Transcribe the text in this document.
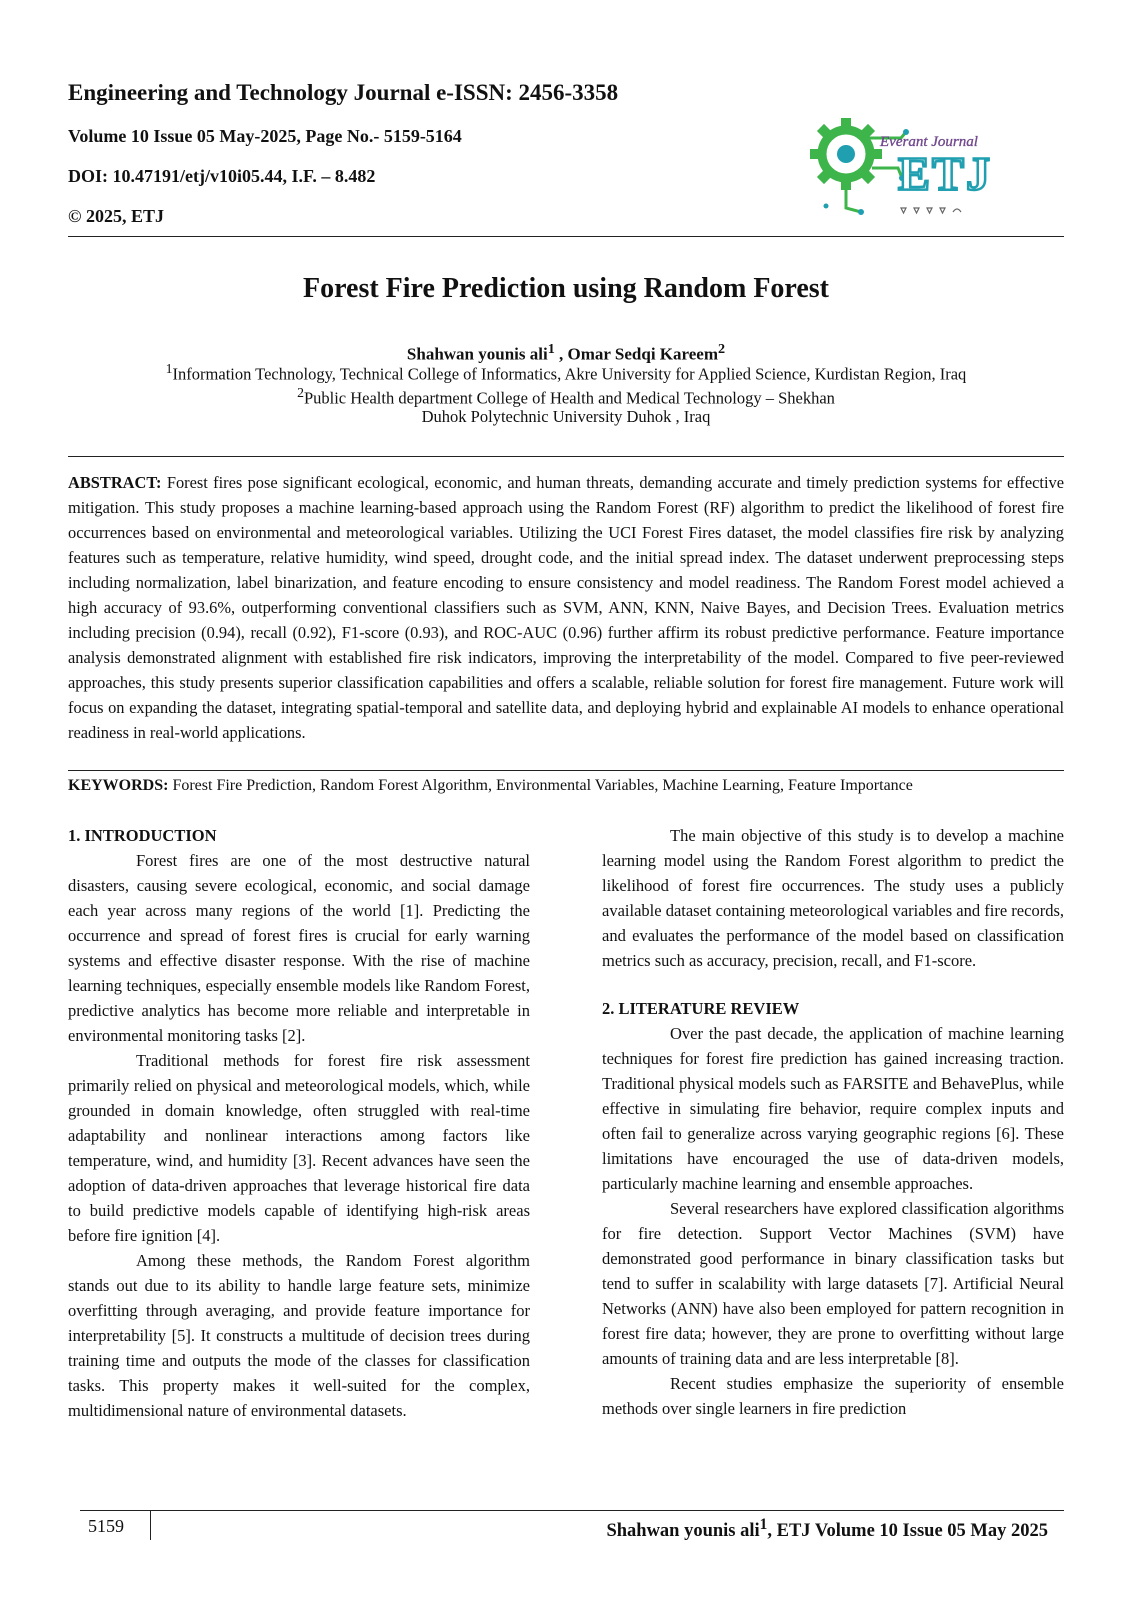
Engineering and Technology Journal e-ISSN: 2456-3358
Volume 10 Issue 05 May-2025, Page No.- 5159-5164
DOI: 10.47191/etj/v10i05.44, I.F. – 8.482
© 2025, ETJ
Everant Journal
ETJ
Forest Fire Prediction using Random Forest
Shahwan younis ali$^1$ , Omar Sedqi Kareem$^2$
$^1$Information Technology, Technical College of Informatics, Akre University for Applied Science, Kurdistan Region, Iraq
$^2$Public Health department College of Health and Medical Technology – Shekhan
Duhok Polytechnic University Duhok , Iraq
ABSTRACT: Forest fires pose significant ecological, economic, and human threats, demanding accurate and timely prediction systems for effective mitigation. This study proposes a machine learning-based approach using the Random Forest (RF) algorithm to predict the likelihood of forest fire occurrences based on environmental and meteorological variables. Utilizing the UCI Forest Fires dataset, the model classifies fire risk by analyzing features such as temperature, relative humidity, wind speed, drought code, and the initial spread index. The dataset underwent preprocessing steps including normalization, label binarization, and feature encoding to ensure consistency and model readiness. The Random Forest model achieved a high accuracy of 93.6%, outperforming conventional classifiers such as SVM, ANN, KNN, Naive Bayes, and Decision Trees. Evaluation metrics including precision (0.94), recall (0.92), F1-score (0.93), and ROC-AUC (0.96) further affirm its robust predictive performance. Feature importance analysis demonstrated alignment with established fire risk indicators, improving the interpretability of the model. Compared to five peer-reviewed approaches, this study presents superior classification capabilities and offers a scalable, reliable solution for forest fire management. Future work will focus on expanding the dataset, integrating spatial-temporal and satellite data, and deploying hybrid and explainable AI models to enhance operational readiness in real-world applications.
KEYWORDS: Forest Fire Prediction, Random Forest Algorithm, Environmental Variables, Machine Learning, Feature Importance
1. INTRODUCTION

Forest fires are one of the most destructive natural disasters, causing severe ecological, economic, and social damage each year across many regions of the world [1]. Predicting the occurrence and spread of forest fires is crucial for early warning systems and effective disaster response. With the rise of machine learning techniques, especially ensemble models like Random Forest, predictive analytics has become more reliable and interpretable in environmental monitoring tasks [2].

Traditional methods for forest fire risk assessment primarily relied on physical and meteorological models, which, while grounded in domain knowledge, often struggled with real-time adaptability and nonlinear interactions among factors like temperature, wind, and humidity [3]. Recent advances have seen the adoption of data-driven approaches that leverage historical fire data to build predictive models capable of identifying high-risk areas before fire ignition [4].

Among these methods, the Random Forest algorithm stands out due to its ability to handle large feature sets, minimize overfitting through averaging, and provide feature importance for interpretability [5]. It constructs a multitude of decision trees during training time and outputs the mode of the classes for classification tasks. This property makes it well-suited for the complex, multidimensional nature of environmental datasets.

The main objective of this study is to develop a machine learning model using the Random Forest algorithm to predict the likelihood of forest fire occurrences. The study uses a publicly available dataset containing meteorological variables and fire records, and evaluates the performance of the model based on classification metrics such as accuracy, precision, recall, and F1-score.

2. LITERATURE REVIEW

Over the past decade, the application of machine learning techniques for forest fire prediction has gained increasing traction. Traditional physical models such as FARSITE and BehavePlus, while effective in simulating fire behavior, require complex inputs and often fail to generalize across varying geographic regions [6]. These limitations have encouraged the use of data-driven models, particularly machine learning and ensemble approaches.

Several researchers have explored classification algorithms for fire detection. Support Vector Machines (SVM) have demonstrated good performance in binary classification tasks but tend to suffer in scalability with large datasets [7]. Artificial Neural Networks (ANN) have also been employed for pattern recognition in forest fire data; however, they are prone to overfitting without large amounts of training data and are less interpretable [8].

Recent studies emphasize the superiority of ensemble methods over single learners in fire prediction

5159	Shahwan younis ali$^1$, ETJ Volume 10 Issue 05 May 2025
